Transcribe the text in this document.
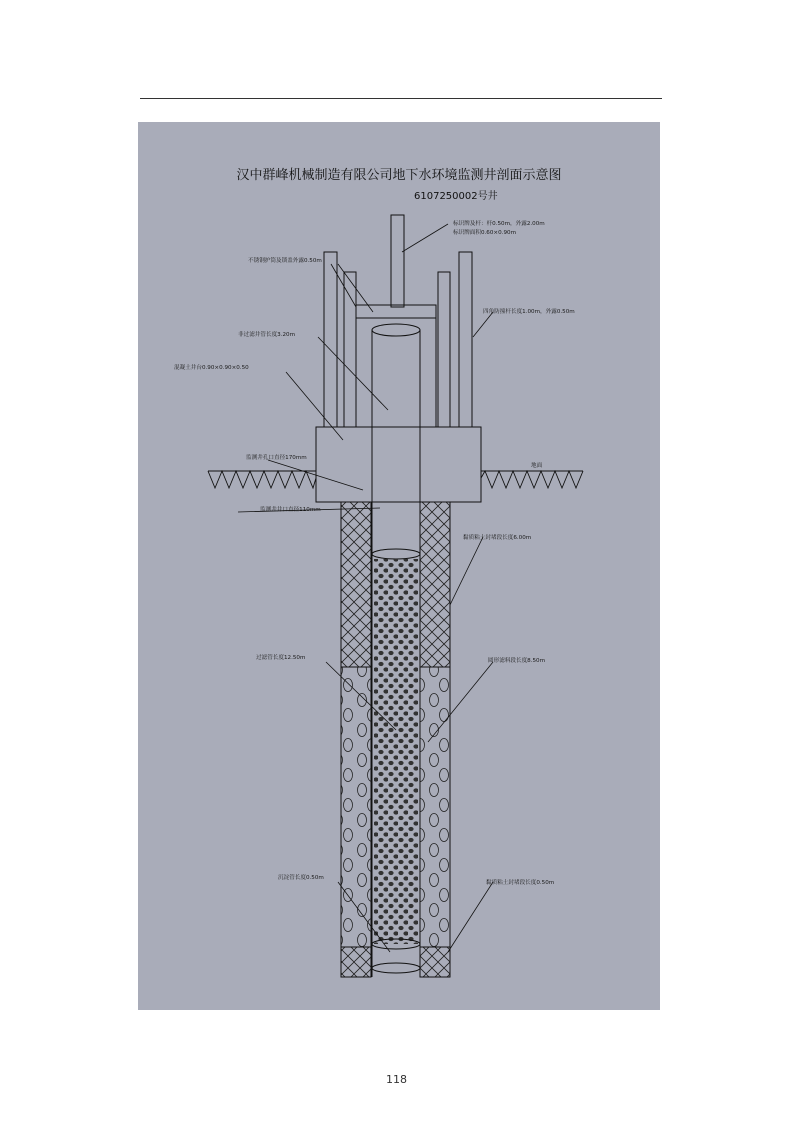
汉中群峰机械制造有限公司地下水环境监测井剖面示意图
6107250002号井
标识牌及杆：杆0.50m，外露2.00m
标识牌面积0.60×0.90m
不锈钢护筒及锁盖外露0.50m
四角防撞杆长度1.00m，外露0.50m
非过滤井管长度3.20m
混凝土井台0.90×0.90×0.50
监测井孔口直径170mm
地面
监测井井口直径110mm
黏质粘土封堵段长度6.00m
过滤管长度12.50m	圆形滤料段长度8.50m
沉淀管长度0.50m
黏质粘土封堵段长度0.50m
118
